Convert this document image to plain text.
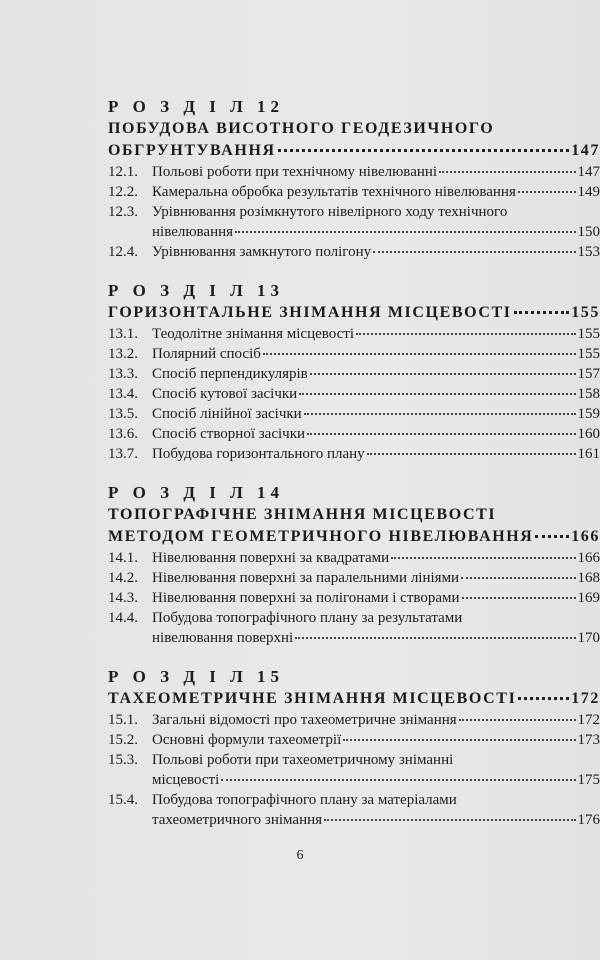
Р О З Д І Л 12
ПОБУДОВА ВИСОТНОГО ГЕОДЕЗИЧНОГО
ОБГРУНТУВАННЯ	147
12.1. Польові роботи при технічному нівелюванні	147
12.2. Камеральна обробка результатів технічного нівелювання	149
12.3. Урівнювання розімкнутого нівелірного ходу технічного
нівелювання	150
12.4. Урівнювання замкнутого полігону	153
Р О З Д І Л 13
ГОРИЗОНТАЛЬНЕ ЗНІМАННЯ МІСЦЕВОСТІ	155
13.1. Теодолітне знімання місцевості	155
13.2. Полярний спосіб	155
13.3. Спосіб перпендикулярів	157
13.4. Спосіб кутової засічки	158
13.5. Спосіб лінійної засічки	159
13.6. Спосіб створної засічки	160
13.7. Побудова горизонтального плану	161
Р О З Д І Л 14
ТОПОГРАФІЧНЕ ЗНІМАННЯ МІСЦЕВОСТІ
МЕТОДОМ ГЕОМЕТРИЧНОГО НІВЕЛЮВАННЯ 166
14.1. Нівелювання поверхні за квадратами	166
14.2. Нівелювання поверхні за паралельними лініями	168
14.3. Нівелювання поверхні за полігонами і створами	169
14.4. Побудова топографічного плану за результатами
нівелювання поверхні	170
Р О З Д І Л 15
ТАХЕОМЕТРИЧНЕ ЗНІМАННЯ МІСЦЕВОСТІ	172
15.1. Загальні відомості про тахеометричне знімання	172
15.2. Основні формули тахеометрії	173
15.3. Польові роботи при тахеометричному зніманні
місцевості	175
15.4. Побудова топографічного плану за матеріалами
тахеометричного знімання	176
6
